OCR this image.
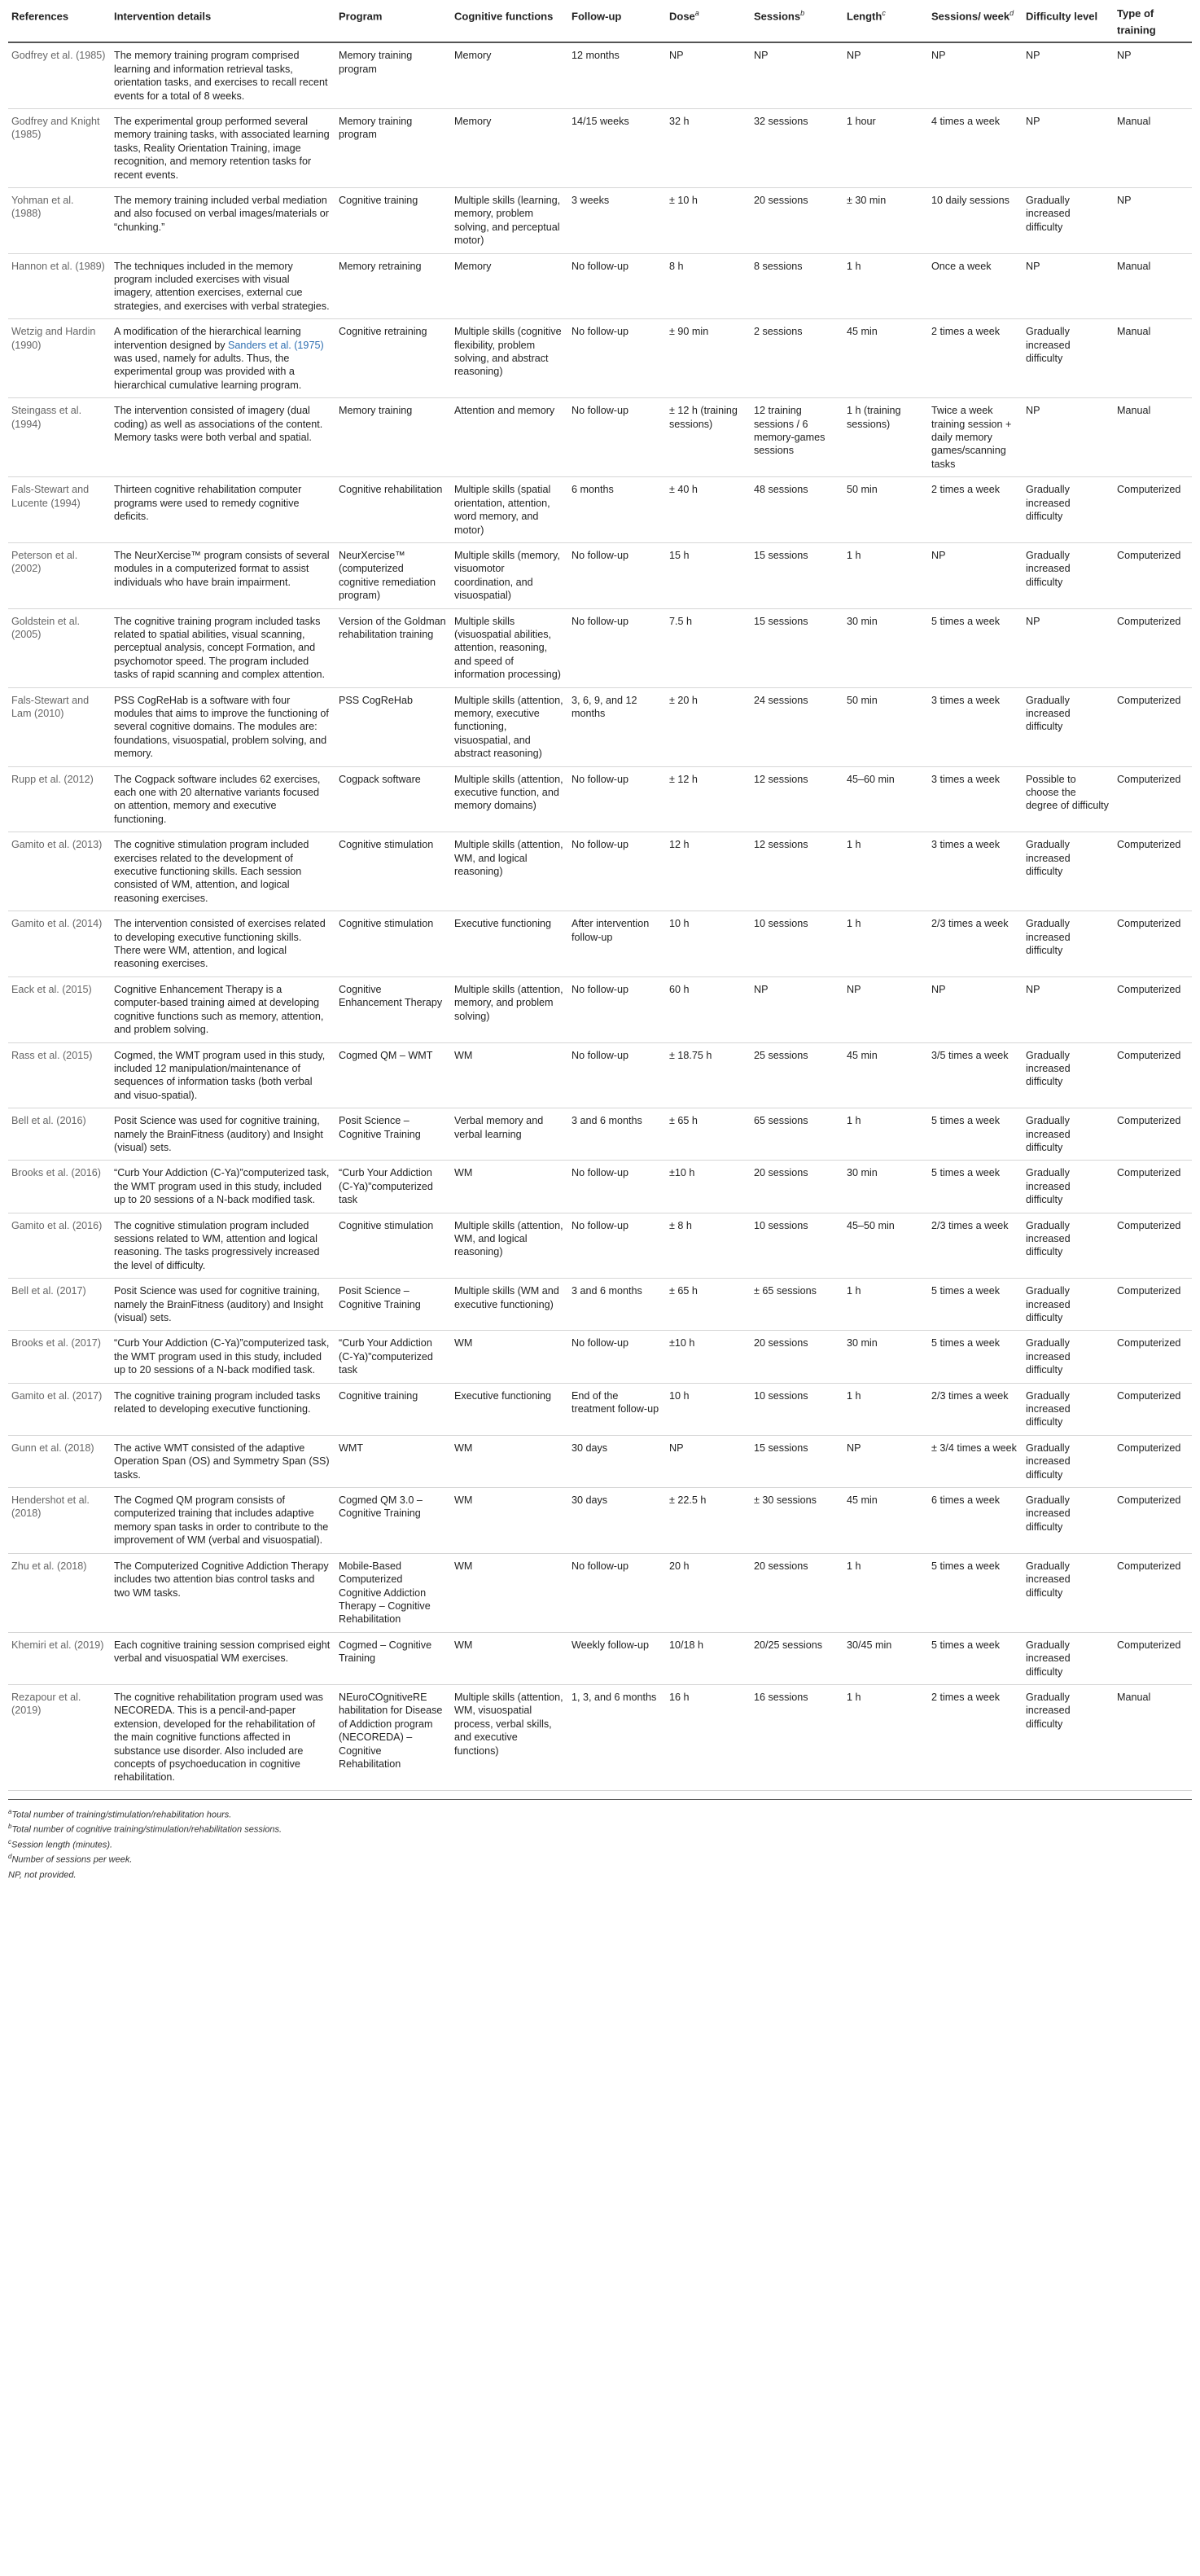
References	Intervention details	Program	Cognitive functions	Follow-up	Dose$^a$	Sessions$^b$	Length$^c$	Sessions/ week$^d$	Difficulty level	Type of training
Godfrey et al. (1985)	The memory training program comprised learning and information retrieval tasks, orientation tasks, and exercises to recall recent events for a total of 8 weeks.	Memory training program	Memory	12 months	NP	NP	NP	NP	NP	NP
Godfrey and Knight (1985)	The experimental group performed several memory training tasks, with associated learning tasks, Reality Orientation Training, image recognition, and memory retention tasks for recent events.	Memory training program	Memory	14/15 weeks	32 h	32 sessions	1 hour	4 times a week	NP	Manual
Yohman et al. (1988)	The memory training included verbal mediation and also focused on verbal images/materials or “chunking.”	Cognitive training	Multiple skills (learning, memory, problem solving, and perceptual motor)	3 weeks	± 10 h	20 sessions	± 30 min	10 daily sessions	Gradually increased difficulty	NP
Hannon et al. (1989)	The techniques included in the memory program included exercises with visual imagery, attention exercises, external cue strategies, and exercises with verbal strategies.	Memory retraining	Memory	No follow-up	8 h	8 sessions	1 h	Once a week	NP	Manual
Wetzig and Hardin (1990)	A modification of the hierarchical learning intervention designed by Sanders et al. (1975) was used, namely for adults. Thus, the experimental group was provided with a hierarchical cumulative learning program.	Cognitive retraining	Multiple skills (cognitive flexibility, problem solving, and abstract reasoning)	No follow-up	± 90 min	2 sessions	45 min	2 times a week	Gradually increased difficulty	Manual
Steingass et al. (1994)	The intervention consisted of imagery (dual coding) as well as associations of the content. Memory tasks were both verbal and spatial.	Memory training	Attention and memory	No follow-up	± 12 h (training sessions)	12 training sessions / 6 memory-games sessions	1 h (training sessions)	Twice a week training session + daily memory games/scanning tasks	NP	Manual
Fals-Stewart and Lucente (1994)	Thirteen cognitive rehabilitation computer programs were used to remedy cognitive deficits.	Cognitive rehabilitation	Multiple skills (spatial orientation, attention, word memory, and motor)	6 months	± 40 h	48 sessions	50 min	2 times a week	Gradually increased difficulty	Computerized
Peterson et al. (2002)	The NeurXercise™ program consists of several modules in a computerized format to assist individuals who have brain impairment.	NeurXercise™ (computerized cognitive remediation program)	Multiple skills (memory, visuomotor coordination, and visuospatial)	No follow-up	15 h	15 sessions	1 h	NP	Gradually increased difficulty	Computerized
Goldstein et al. (2005)	The cognitive training program included tasks related to spatial abilities, visual scanning, perceptual analysis, concept Formation, and psychomotor speed. The program included tasks of rapid scanning and complex attention.	Version of the Goldman rehabilitation training	Multiple skills (visuospatial abilities, attention, reasoning, and speed of information processing)	No follow-up	7.5 h	15 sessions	30 min	5 times a week	NP	Computerized
Fals-Stewart and Lam (2010)	PSS CogReHab is a software with four modules that aims to improve the functioning of several cognitive domains. The modules are: foundations, visuospatial, problem solving, and memory.	PSS CogReHab	Multiple skills (attention, memory, executive functioning, visuospatial, and abstract reasoning)	3, 6, 9, and 12 months	± 20 h	24 sessions	50 min	3 times a week	Gradually increased difficulty	Computerized
Rupp et al. (2012)	The Cogpack software includes 62 exercises, each one with 20 alternative variants focused on attention, memory and executive functioning.	Cogpack software	Multiple skills (attention, executive function, and memory domains)	No follow-up	± 12 h	12 sessions	45–60 min	3 times a week	Possible to choose the degree of difficulty	Computerized
Gamito et al. (2013)	The cognitive stimulation program included exercises related to the development of executive functioning skills. Each session consisted of WM, attention, and logical reasoning exercises.	Cognitive stimulation	Multiple skills (attention, WM, and logical reasoning)	No follow-up	12 h	12 sessions	1 h	3 times a week	Gradually increased difficulty	Computerized
Gamito et al. (2014)	The intervention consisted of exercises related to developing executive functioning skills. There were WM, attention, and logical reasoning exercises.	Cognitive stimulation	Executive functioning	After intervention follow-up	10 h	10 sessions	1 h	2/3 times a week	Gradually increased difficulty	Computerized
Eack et al. (2015)	Cognitive Enhancement Therapy is a computer-based training aimed at developing cognitive functions such as memory, attention, and problem solving.	Cognitive Enhancement Therapy	Multiple skills (attention, memory, and problem solving)	No follow-up	60 h	NP	NP	NP	NP	Computerized
Rass et al. (2015)	Cogmed, the WMT program used in this study, included 12 manipulation/maintenance of sequences of information tasks (both verbal and visuo-spatial).	Cogmed QM – WMT	WM	No follow-up	± 18.75 h	25 sessions	45 min	3/5 times a week	Gradually increased difficulty	Computerized
Bell et al. (2016)	Posit Science was used for cognitive training, namely the BrainFitness (auditory) and Insight (visual) sets.	Posit Science – Cognitive Training	Verbal memory and verbal learning	3 and 6 months	± 65 h	65 sessions	1 h	5 times a week	Gradually increased difficulty	Computerized
Brooks et al. (2016)	“Curb Your Addiction (C-Ya)”computerized task, the WMT program used in this study, included up to 20 sessions of a N-back modified task.	“Curb Your Addiction (C-Ya)”computerized task	WM	No follow-up	±10 h	20 sessions	30 min	5 times a week	Gradually increased difficulty	Computerized
Gamito et al. (2016)	The cognitive stimulation program included sessions related to WM, attention and logical reasoning. The tasks progressively increased the level of difficulty.	Cognitive stimulation	Multiple skills (attention, WM, and logical reasoning)	No follow-up	± 8 h	10 sessions	45–50 min	2/3 times a week	Gradually increased difficulty	Computerized
Bell et al. (2017)	Posit Science was used for cognitive training, namely the BrainFitness (auditory) and Insight (visual) sets.	Posit Science – Cognitive Training	Multiple skills (WM and executive functioning)	3 and 6 months	± 65 h	± 65 sessions	1 h	5 times a week	Gradually increased difficulty	Computerized
Brooks et al. (2017)	“Curb Your Addiction (C-Ya)”computerized task, the WMT program used in this study, included up to 20 sessions of a N-back modified task.	“Curb Your Addiction (C-Ya)”computerized task	WM	No follow-up	±10 h	20 sessions	30 min	5 times a week	Gradually increased difficulty	Computerized
Gamito et al. (2017)	The cognitive training program included tasks related to developing executive functioning.	Cognitive training	Executive functioning	End of the treatment follow-up	10 h	10 sessions	1 h	2/3 times a week	Gradually increased difficulty	Computerized
Gunn et al. (2018)	The active WMT consisted of the adaptive Operation Span (OS) and Symmetry Span (SS) tasks.	WMT	WM	30 days	NP	15 sessions	NP	± 3/4 times a week	Gradually increased difficulty	Computerized
Hendershot et al. (2018)	The Cogmed QM program consists of computerized training that includes adaptive memory span tasks in order to contribute to the improvement of WM (verbal and visuospatial).	Cogmed QM 3.0 – Cognitive Training	WM	30 days	± 22.5 h	± 30 sessions	45 min	6 times a week	Gradually increased difficulty	Computerized
Zhu et al. (2018)	The Computerized Cognitive Addiction Therapy includes two attention bias control tasks and two WM tasks.	Mobile-Based Computerized Cognitive Addiction Therapy – Cognitive Rehabilitation	WM	No follow-up	20 h	20 sessions	1 h	5 times a week	Gradually increased difficulty	Computerized
Khemiri et al. (2019)	Each cognitive training session comprised eight verbal and visuospatial WM exercises.	Cogmed – Cognitive Training	WM	Weekly follow-up	10/18 h	20/25 sessions	30/45 min	5 times a week	Gradually increased difficulty	Computerized
Rezapour et al. (2019)	The cognitive rehabilitation program used was NECOREDA. This is a pencil-and-paper extension, developed for the rehabilitation of the main cognitive functions affected in substance use disorder. Also included are concepts of psychoeducation in cognitive rehabilitation.	NEuroCOgnitiveRE habilitation for Disease of Addiction program (NECOREDA) – Cognitive Rehabilitation	Multiple skills (attention, WM, visuospatial process, verbal skills, and executive functions)	1, 3, and 6 months	16 h	16 sessions	1 h	2 times a week	Gradually increased difficulty	Manual
$^a$Total number of training/stimulation/rehabilitation hours.
$^b$Total number of cognitive training/stimulation/rehabilitation sessions.
$^c$Session length (minutes).
$^d$Number of sessions per week.
NP, not provided.
